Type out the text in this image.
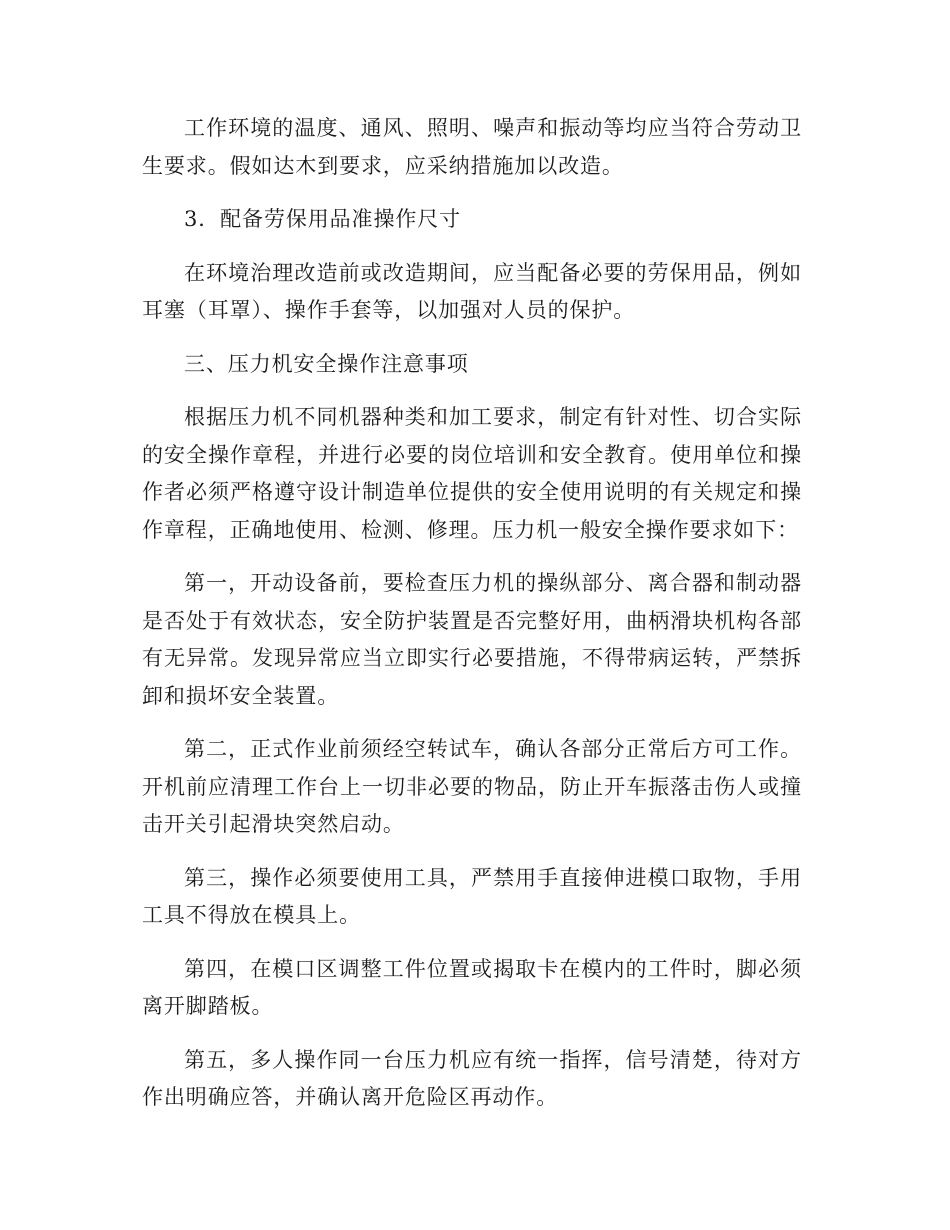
工作环境的温度、通风、照明、噪声和振动等均应当符合劳动卫生要求。假如达木到要求，应采纳措施加以改造。

3．配备劳保用品准操作尺寸

在环境治理改造前或改造期间，应当配备必要的劳保用品，例如耳塞（耳罩）、操作手套等，以加强对人员的保护。

三、压力机安全操作注意事项

根据压力机不同机器种类和加工要求，制定有针对性、切合实际的安全操作章程，并进行必要的岗位培训和安全教育。使用单位和操作者必须严格遵守设计制造单位提供的安全使用说明的有关规定和操作章程，正确地使用、检测、修理。压力机一般安全操作要求如下：

第一，开动设备前，要检查压力机的操纵部分、离合器和制动器是否处于有效状态，安全防护装置是否完整好用，曲柄滑块机构各部有无异常。发现异常应当立即实行必要措施，不得带病运转，严禁拆卸和损坏安全装置。

第二，正式作业前须经空转试车，确认各部分正常后方可工作。开机前应清理工作台上一切非必要的物品，防止开车振落击伤人或撞击开关引起滑块突然启动。

第三，操作必须要使用工具，严禁用手直接伸进模口取物，手用工具不得放在模具上。

第四，在模口区调整工件位置或揭取卡在模内的工件时，脚必须离开脚踏板。

第五，多人操作同一台压力机应有统一指挥，信号清楚，待对方作出明确应答，并确认离开危险区再动作。
